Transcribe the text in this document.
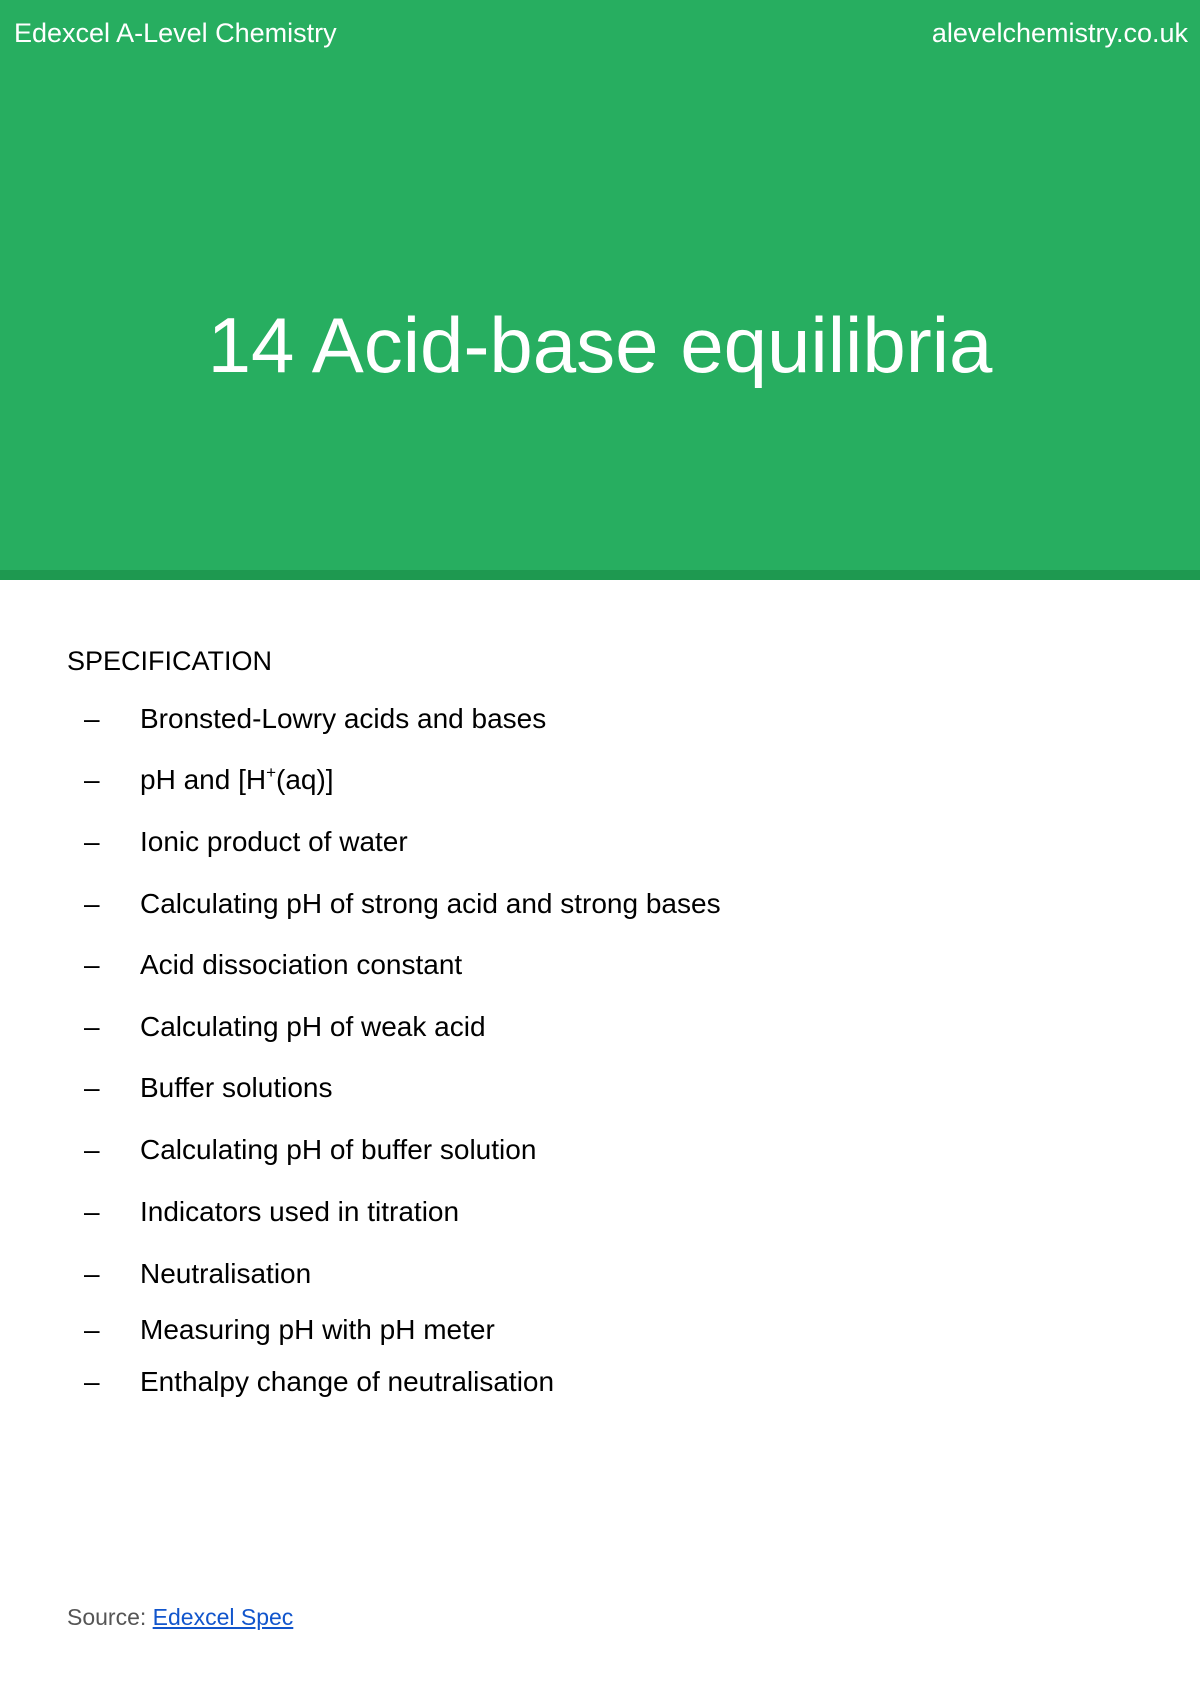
Edexcel A-Level Chemistry	alevelchemistry.co.uk
14 Acid-base equilibria
SPECIFICATION
– Bronsted-Lowry acids and bases
– pH and [H+(aq)]
– Ionic product of water
– Calculating pH of strong acid and strong bases
– Acid dissociation constant
– Calculating pH of weak acid
– Buffer solutions
– Calculating pH of buffer solution
– Indicators used in titration
– Neutralisation
– Measuring pH with pH meter
– Enthalpy change of neutralisation
Source: Edexcel Spec
